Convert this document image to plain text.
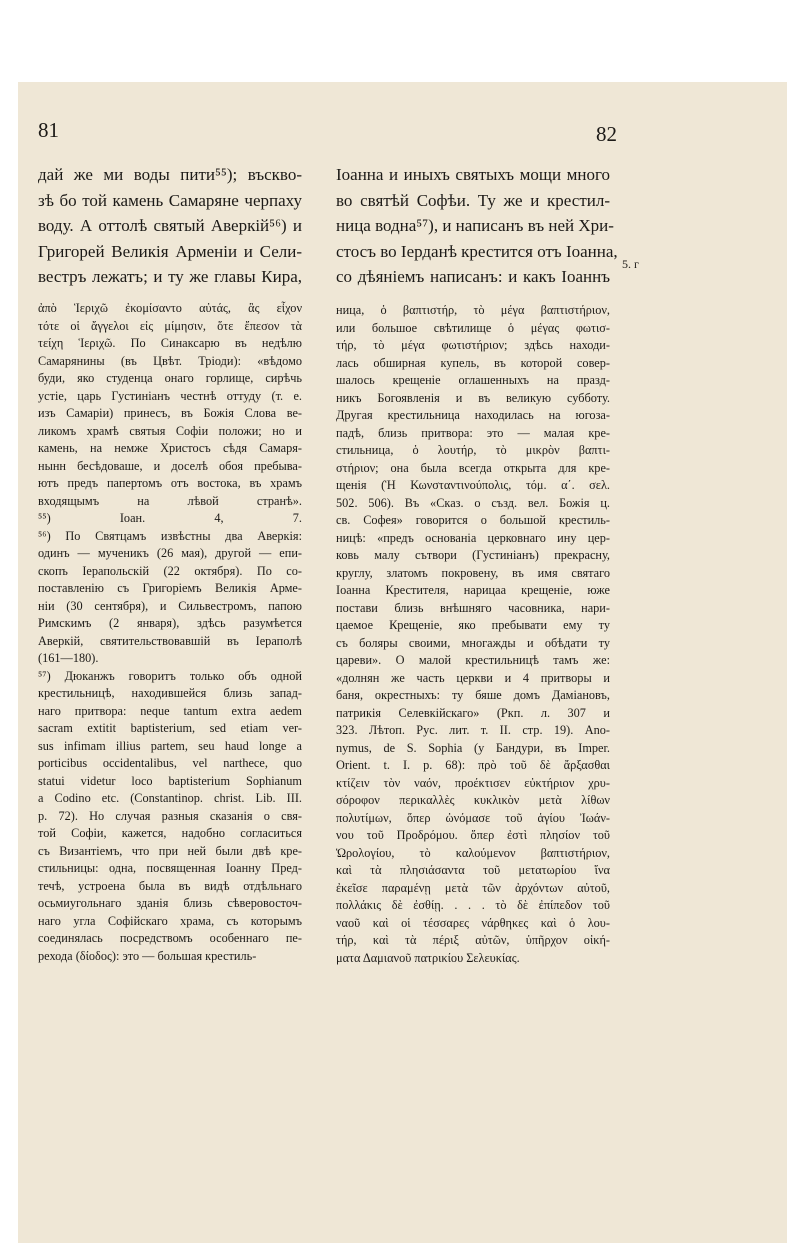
81	82
дай же ми воды пити⁵⁵); въскво-
зѣ бо той камень Самаряне черпаху
воду. А оттолѣ святый Аверкій⁵⁶) и
Григорей Великія Арменіи и Сели-
вестръ лежатъ; и ту же главы Кира,
Іоанна и иныхъ святыхъ мощи много
во святѣй Софѣи. Ту же и крестил-
ница водна⁵⁷), и написанъ въ ней Хри-
стосъ во Іерданѣ крестится отъ Іоанна,
со дѣяніемъ написанъ: и какъ Іоаннъ
5. г
ἀπὸ Ἱεριχῶ ἐκομίσαντο αὐτάς, ἃς εἶχον
τότε οἱ ἄγγελοι εἰς μίμησιν, ὅτε ἔπεσον τὰ
τείχη Ἱεριχῶ. По Синаксарю въ недѣлю
Самарянины (въ Цвѣт. Тріоди): «вѣдомо
буди, яко студенца онаго горлище, сирѣчь
устіе, царь Густиніанъ честнѣ оттуду (т. е.
изъ Самаріи) принесъ, въ Божія Слова ве-
ликомъ храмѣ святыя Софіи положи; но и
камень, на немже Христосъ сѣдя Самаря-
нынн бесѣдоваше, и доселѣ обоя пребыва-
ютъ предъ папертомъ отъ востока, въ храмъ
входящымъ на лѣвой странѣ».
⁵⁵) Іоан. 4, 7.
⁵⁶) По Святцамъ извѣстны два Аверкія:
одинъ — мученикъ (26 мая), другой — епи-
скопъ Іерапольскій (22 октября). По со-
поставленію съ Григоріемъ Великія Арме-
ніи (30 сентября), и Сильвестромъ, папою
Римскимъ (2 января), здѣсь разумѣется
Аверкій, святительствовавшій въ Іераполѣ
(161—180).
⁵⁷) Дюканжъ говоритъ только объ одной
крестильницѣ, находившейся близь запад-
наго притвора: neque tantum extra aedem
sacram extitit baptisterium, sed etiam ver-
sus infimam illius partem, seu haud longe a
porticibus occidentalibus, vel narthece, quo
statui videtur loco baptisterium Sophianum
a Codino etc. (Constantinop. christ. Lib. III.
p. 72). Но случая разныя сказанія о свя-
той Софіи, кажется, надобно согласиться
съ Византіемъ, что при ней были двѣ кре-
стильницы: одна, посвященная Іоанну Пред-
течѣ, устроена была въ видѣ отдѣльнаго
осьмиугольнаго зданія близь сѣверовосточ-
наго угла Софійскаго храма, съ которымъ
соединялась посредствомъ особеннаго пе-
рехода (δίοδος): это — большая крестиль-
ница, ὁ βαπτιστήρ, τὸ μέγα βαπτιστήριον,
или большое свѣтилище ὁ μέγας φωτισ-
τήρ, τὸ μέγα φωτιστήριον; здѣсь находи-
лась обширная купель, въ которой совер-
шалось крещеніе оглашенныхъ на празд-
никъ Богоявленія и въ великую субботу.
Другая крестильница находилась на югоза-
падѣ, близь притвора: это — малая кре-
стильница, ὁ λουτήρ, τὸ μικρὸν βαπτι-
στήριον; она была всегда открыта для кре-
щенія (Ἡ Κωνσταντινούπολις, τόμ. α΄. σελ.
502. 506). Въ «Сказ. о създ. вел. Божія ц.
св. Софея» говорится о большой крестиль-
ницѣ: «предъ основаніа церковнаго ину цер-
ковь малу сътвори (Густиніанъ) прекрасну,
круглу, златомъ покровену, въ имя святаго
Іоанна Крестителя, нарицаа крещеніе, юже
постави близь внѣшняго часовника, нари-
цаемое Крещеніе, яко пребывати ему ту
съ боляры своими, многажды и обѣдати ту
цареви». О малой крестильницѣ тамъ же:
«долнян же часть церкви и 4 притворы и
баня, окрестныхъ: ту бяше домъ Даміановъ,
патрикія Селевкійскаго» (Ркп. л. 307 и
323. Лѣтоп. Рус. лит. т. II. стр. 19). Ano-
nymus, de S. Sophia (у Бандури, въ Imper.
Orient. t. I. p. 68): πρὸ τοῦ δὲ ἄρξασθαι
κτίζειν τὸν ναόν, προέκτισεν εὐκτήριον χρυ-
σόροφον περικαλλὲς κυκλικὸν μετὰ λίθων
πολυτίμων, ὅπερ ὠνόμασε τοῦ ἁγίου Ἰωάν-
νου τοῦ Προδρόμου. ὅπερ ἐστὶ πλησίον τοῦ
Ὡρολογίου, τὸ καλούμενον βαπτιστήριον,
καὶ τὰ πλησιάσαντα τοῦ μετατωρίου ἵνα
ἐκεῖσε παραμένῃ μετὰ τῶν ἀρχόντων αὐτοῦ,
πολλάκις δὲ ἐσθίῃ. . . . τὸ δὲ ἐπίπεδον τοῦ
ναοῦ καὶ οἱ τέσσαρες νάρθηκες καὶ ὁ λου-
τήρ, καὶ τὰ πέριξ αὐτῶν, ὑπῆρχον οἰκή-
ματα Δαμιανοῦ πατρικίου Σελευκίας.
